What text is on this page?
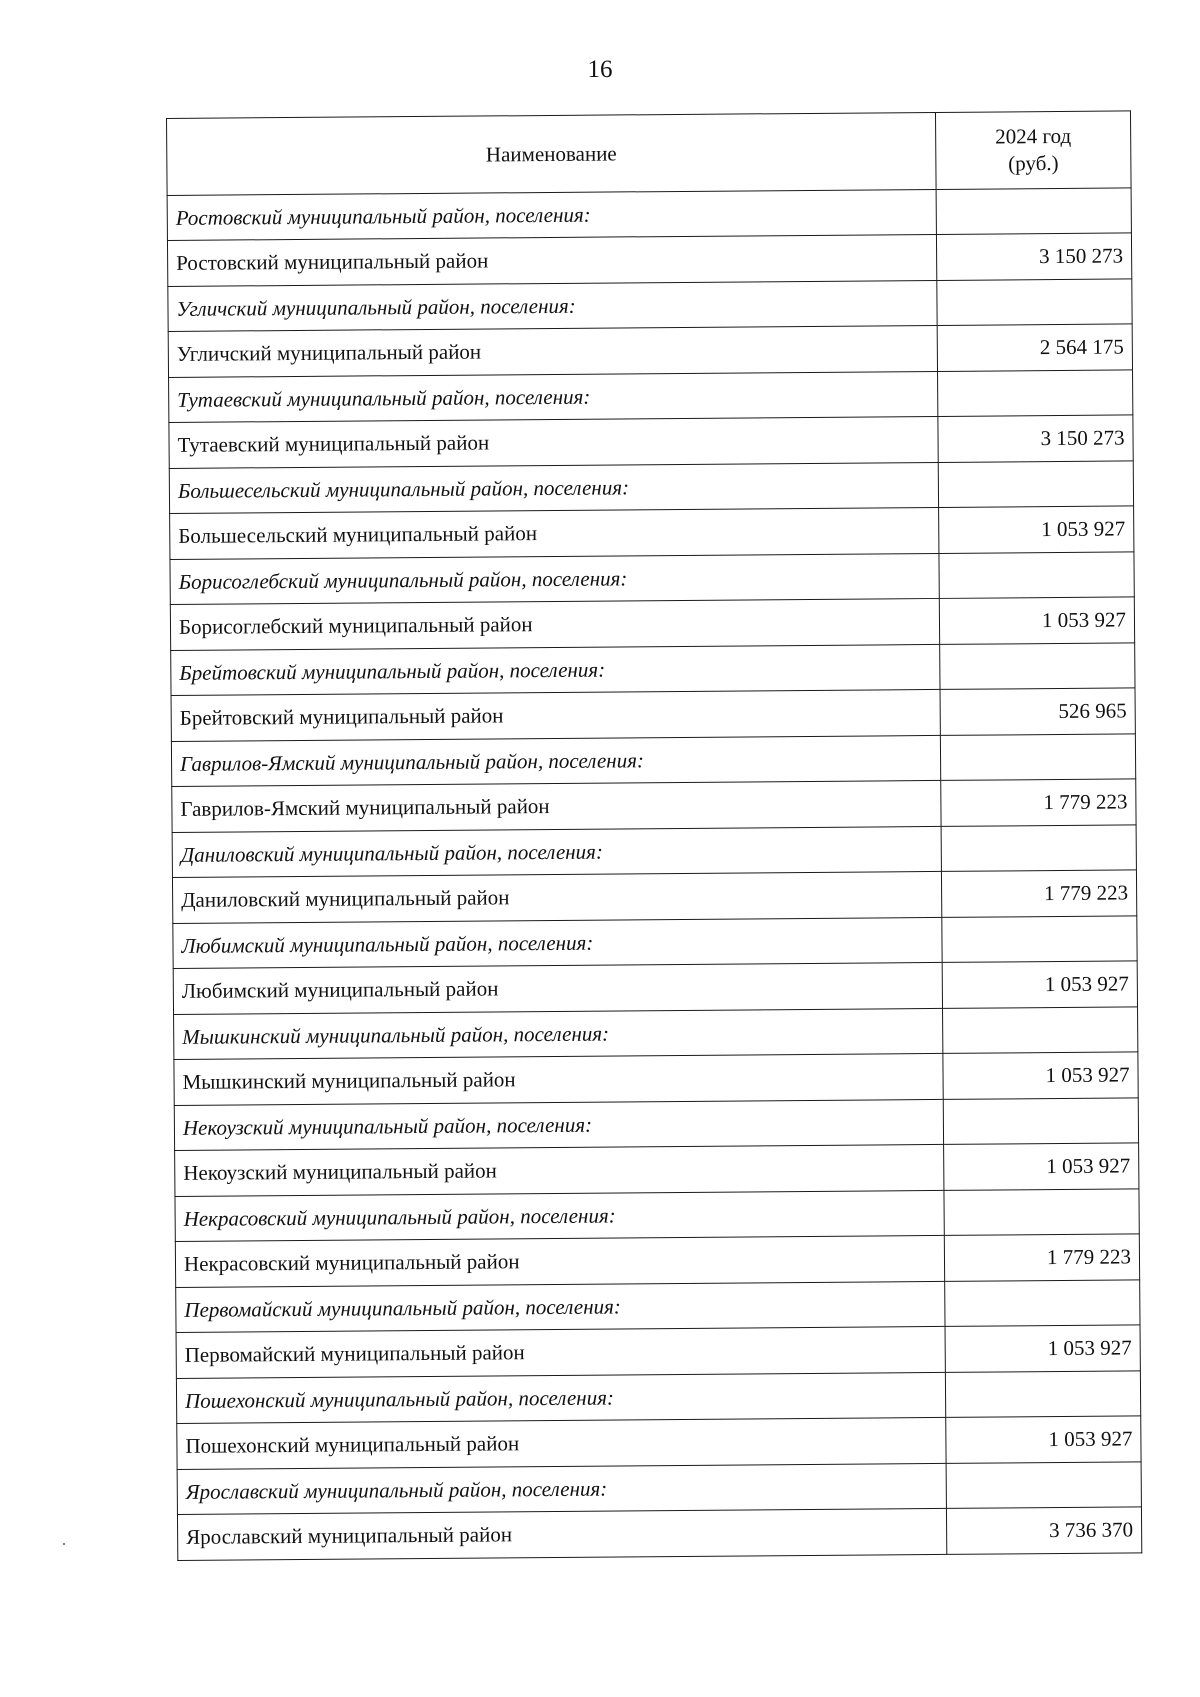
16
Наименование	2024 год
(руб.)
Ростовский муниципальный район, поселения:	
Ростовский муниципальный район	3 150 273
Угличский муниципальный район, поселения:	
Угличский муниципальный район	2 564 175
Тутаевский муниципальный район, поселения:	
Тутаевский муниципальный район	3 150 273
Большесельский муниципальный район, поселения:	
Большесельский муниципальный район	1 053 927
Борисоглебский муниципальный район, поселения:	
Борисоглебский муниципальный район	1 053 927
Брейтовский муниципальный район, поселения:	
Брейтовский муниципальный район	526 965
Гаврилов-Ямский муниципальный район, поселения:	
Гаврилов-Ямский муниципальный район	1 779 223
Даниловский муниципальный район, поселения:	
Даниловский муниципальный район	1 779 223
Любимский муниципальный район, поселения:	
Любимский муниципальный район	1 053 927
Мышкинский муниципальный район, поселения:	
Мышкинский муниципальный район	1 053 927
Некоузский муниципальный район, поселения:	
Некоузский муниципальный район	1 053 927
Некрасовский муниципальный район, поселения:	
Некрасовский муниципальный район	1 779 223
Первомайский муниципальный район, поселения:	
Первомайский муниципальный район	1 053 927
Пошехонский муниципальный район, поселения:	
Пошехонский муниципальный район	1 053 927
Ярославский муниципальный район, поселения:	
Ярославский муниципальный район	3 736 370
